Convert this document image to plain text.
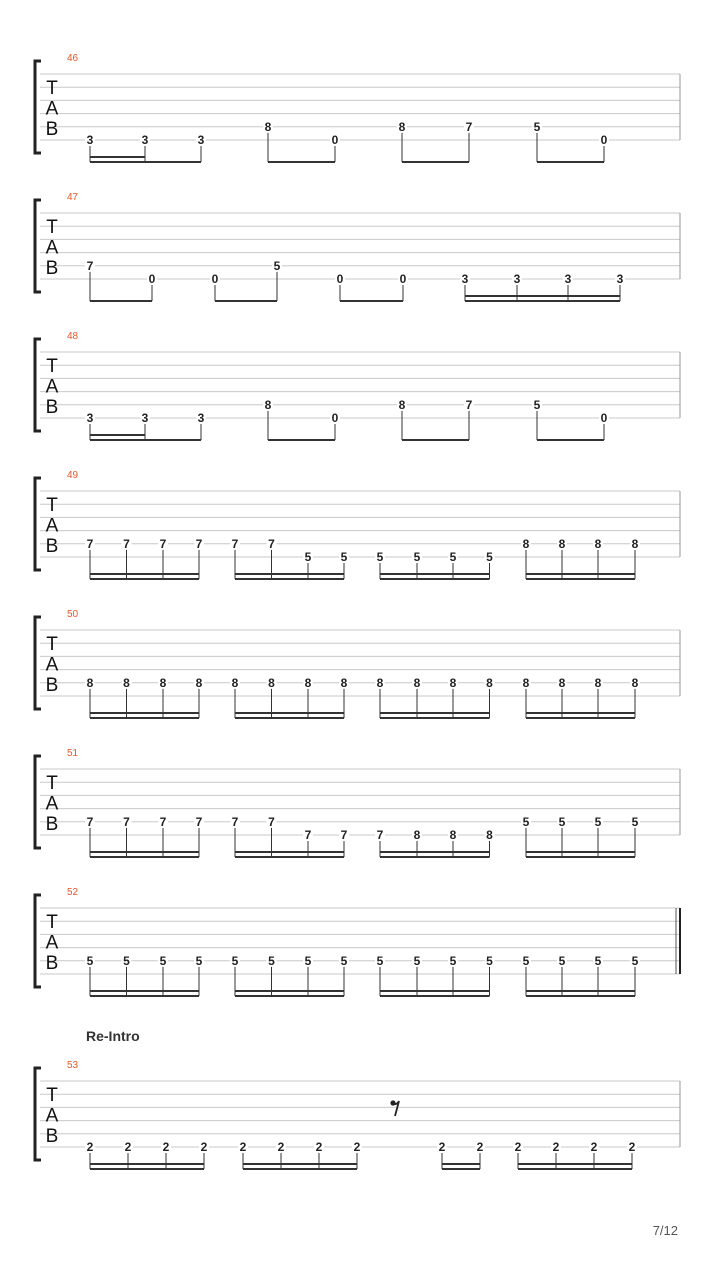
T
A
B
46
3	3	3
8
0
8	7	5
0
T
A
B
47
7
0	0
5
0	0	3	3	3	3
T
A
B
48
3	3	3
8
0
8	7	5
0
T
A
B
49
7 7 7 7 7 7
5 5 5	5 5 5
8 8 8	8
T
A
B
50
8 8 8 8 8 8 8 8 8	8 8 8 8 8 8	8
T
A
B
51
7 7 7 7 7 7
7 7 7	8 8 8
5 5 5	5
T
A
B
52
5 5 5 5 5 5 5 5 5	5 5 5 5 5 5	5
T
A
B
53
Re-Intro
2	2	2	2	2	2	2	2	2	2	2	2	2	2
7/12
